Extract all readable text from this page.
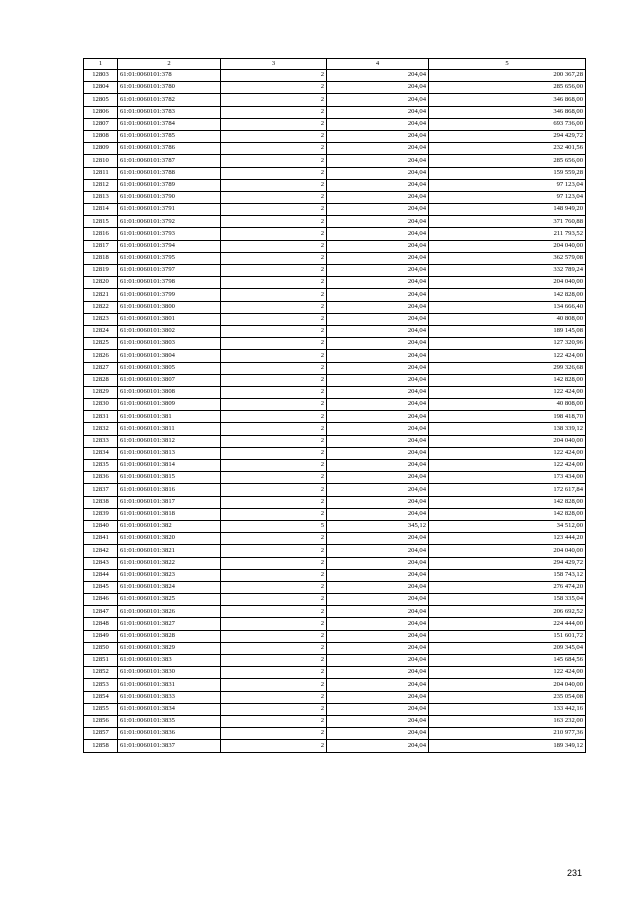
1	2	3	4	5
12803	61:01:0060101:378	2	204,04	200 367,28
12804	61:01:0060101:3780	2	204,04	285 656,00
12805	61:01:0060101:3782	2	204,04	346 868,00
12806	61:01:0060101:3783	2	204,04	346 868,00
12807	61:01:0060101:3784	2	204,04	693 736,00
12808	61:01:0060101:3785	2	204,04	294 429,72
12809	61:01:0060101:3786	2	204,04	232 401,56
12810	61:01:0060101:3787	2	204,04	285 656,00
12811	61:01:0060101:3788	2	204,04	159 559,28
12812	61:01:0060101:3789	2	204,04	97 123,04
12813	61:01:0060101:3790	2	204,04	97 123,04
12814	61:01:0060101:3791	2	204,04	148 949,20
12815	61:01:0060101:3792	2	204,04	371 760,88
12816	61:01:0060101:3793	2	204,04	211 793,52
12817	61:01:0060101:3794	2	204,04	204 040,00
12818	61:01:0060101:3795	2	204,04	362 579,08
12819	61:01:0060101:3797	2	204,04	332 789,24
12820	61:01:0060101:3798	2	204,04	204 040,00
12821	61:01:0060101:3799	2	204,04	142 828,00
12822	61:01:0060101:3800	2	204,04	134 666,40
12823	61:01:0060101:3801	2	204,04	40 808,00
12824	61:01:0060101:3802	2	204,04	189 145,08
12825	61:01:0060101:3803	2	204,04	127 320,96
12826	61:01:0060101:3804	2	204,04	122 424,00
12827	61:01:0060101:3805	2	204,04	299 326,68
12828	61:01:0060101:3807	2	204,04	142 828,00
12829	61:01:0060101:3808	2	204,04	122 424,00
12830	61:01:0060101:3809	2	204,04	40 808,00
12831	61:01:0060101:381	2	204,04	198 418,70
12832	61:01:0060101:3811	2	204,04	138 339,12
12833	61:01:0060101:3812	2	204,04	204 040,00
12834	61:01:0060101:3813	2	204,04	122 424,00
12835	61:01:0060101:3814	2	204,04	122 424,00
12836	61:01:0060101:3815	2	204,04	173 434,00
12837	61:01:0060101:3816	2	204,04	172 617,84
12838	61:01:0060101:3817	2	204,04	142 828,00
12839	61:01:0060101:3818	2	204,04	142 828,00
12840	61:01:0060101:382	5	345,12	34 512,00
12841	61:01:0060101:3820	2	204,04	123 444,20
12842	61:01:0060101:3821	2	204,04	204 040,00
12843	61:01:0060101:3822	2	204,04	294 429,72
12844	61:01:0060101:3823	2	204,04	158 743,12
12845	61:01:0060101:3824	2	204,04	276 474,20
12846	61:01:0060101:3825	2	204,04	158 335,04
12847	61:01:0060101:3826	2	204,04	206 692,52
12848	61:01:0060101:3827	2	204,04	224 444,00
12849	61:01:0060101:3828	2	204,04	151 601,72
12850	61:01:0060101:3829	2	204,04	209 345,04
12851	61:01:0060101:383	2	204,04	145 684,56
12852	61:01:0060101:3830	2	204,04	122 424,00
12853	61:01:0060101:3831	2	204,04	204 040,00
12854	61:01:0060101:3833	2	204,04	235 054,08
12855	61:01:0060101:3834	2	204,04	133 442,16
12856	61:01:0060101:3835	2	204,04	163 232,00
12857	61:01:0060101:3836	2	204,04	210 977,36
12858	61:01:0060101:3837	2	204,04	189 349,12
231
